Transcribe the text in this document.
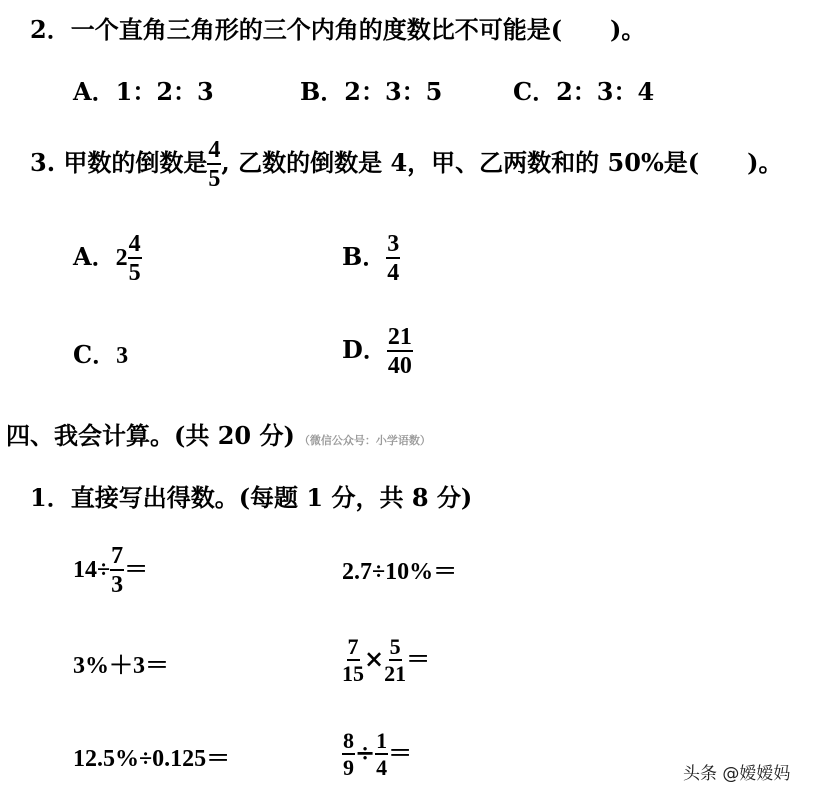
2．一个直角三角形的三个内角的度数比不可能是(　　)。
A．1：2：3	B．2：3：5	C．2：3：4
3. 甲数的倒数是 $\frac{4}{5}$ , 乙数的倒数是 4，甲、乙两数和的 50%是(　　)。
A．$2 \frac{4}{5}$	B． $\frac{3}{4}$
C．3	D． $\frac{21}{40}$
四、我会计算。(共 20 分) （微信公众号：小学语数）
1．直接写出得数。(每题 1 分，共 8 分)
$14\div \frac{7}{3}$ ＝	2.7÷10%＝
3%＋3＝	$\frac{7}{15} \times \frac{5}{21}$ ＝
12.5%÷0.125＝	$\frac{8}{9} \div \frac{1}{4}$ ＝
头条 @嫒嫒妈
